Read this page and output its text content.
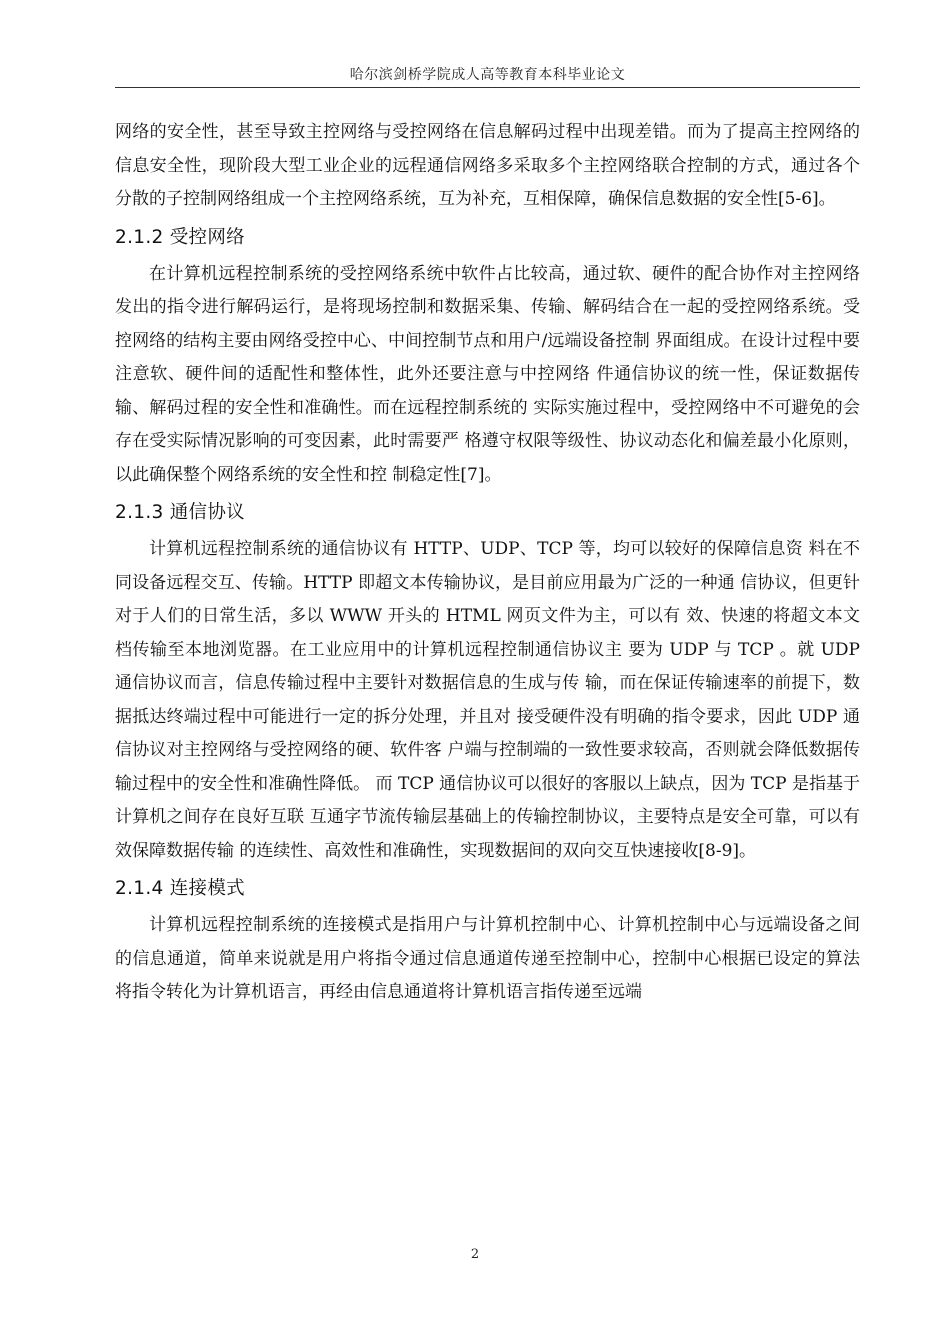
哈尔滨剑桥学院成人高等教育本科毕业论文

网络的安全性，甚至导致主控网络与受控网络在信息解码过程中出现差错。而为了提高主控网络的信息安全性，现阶段大型工业企业的远程通信网络多采取多个主控网络联合控制的方式，通过各个分散的子控制网络组成一个主控网络系统，互为补充，互相保障，确保信息数据的安全性[5-6]。

2.1.2 受控网络

在计算机远程控制系统的受控网络系统中软件占比较高，通过软、硬件的配合协作对主控网络发出的指令进行解码运行，是将现场控制和数据采集、传输、解码结合在一起的受控网络系统。受控网络的结构主要由网络受控中心、中间控制节点和用户/远端设备控制 界面组成。在设计过程中要注意软、硬件间的适配性和整体性，此外还要注意与中控网络 件通信协议的统一性，保证数据传输、解码过程的安全性和准确性。而在远程控制系统的 实际实施过程中，受控网络中不可避免的会存在受实际情况影响的可变因素，此时需要严 格遵守权限等级性、协议动态化和偏差最小化原则，以此确保整个网络系统的安全性和控 制稳定性[7]。

2.1.3 通信协议

计算机远程控制系统的通信协议有 HTTP、UDP、TCP 等，均可以较好的保障信息资 料在不同设备远程交互、传输。HTTP 即超文本传输协议，是目前应用最为广泛的一种通 信协议，但更针对于人们的日常生活，多以 WWW 开头的 HTML 网页文件为主，可以有 效、快速的将超文本文档传输至本地浏览器。在工业应用中的计算机远程控制通信协议主 要为 UDP 与 TCP 。就 UDP 通信协议而言，信息传输过程中主要针对数据信息的生成与传 输，而在保证传输速率的前提下，数据抵达终端过程中可能进行一定的拆分处理，并且对 接受硬件没有明确的指令要求，因此 UDP 通信协议对主控网络与受控网络的硬、软件客 户端与控制端的一致性要求较高，否则就会降低数据传输过程中的安全性和准确性降低。 而 TCP 通信协议可以很好的客服以上缺点，因为 TCP 是指基于计算机之间存在良好互联 互通字节流传输层基础上的传输控制协议，主要特点是安全可靠，可以有效保障数据传输 的连续性、高效性和准确性，实现数据间的双向交互快速接收[8-9]。

2.1.4 连接模式

计算机远程控制系统的连接模式是指用户与计算机控制中心、计算机控制中心与远端设备之间的信息通道，简单来说就是用户将指令通过信息通道传递至控制中心，控制中心根据已设定的算法将指令转化为计算机语言，再经由信息通道将计算机语言指传递至远端

2
